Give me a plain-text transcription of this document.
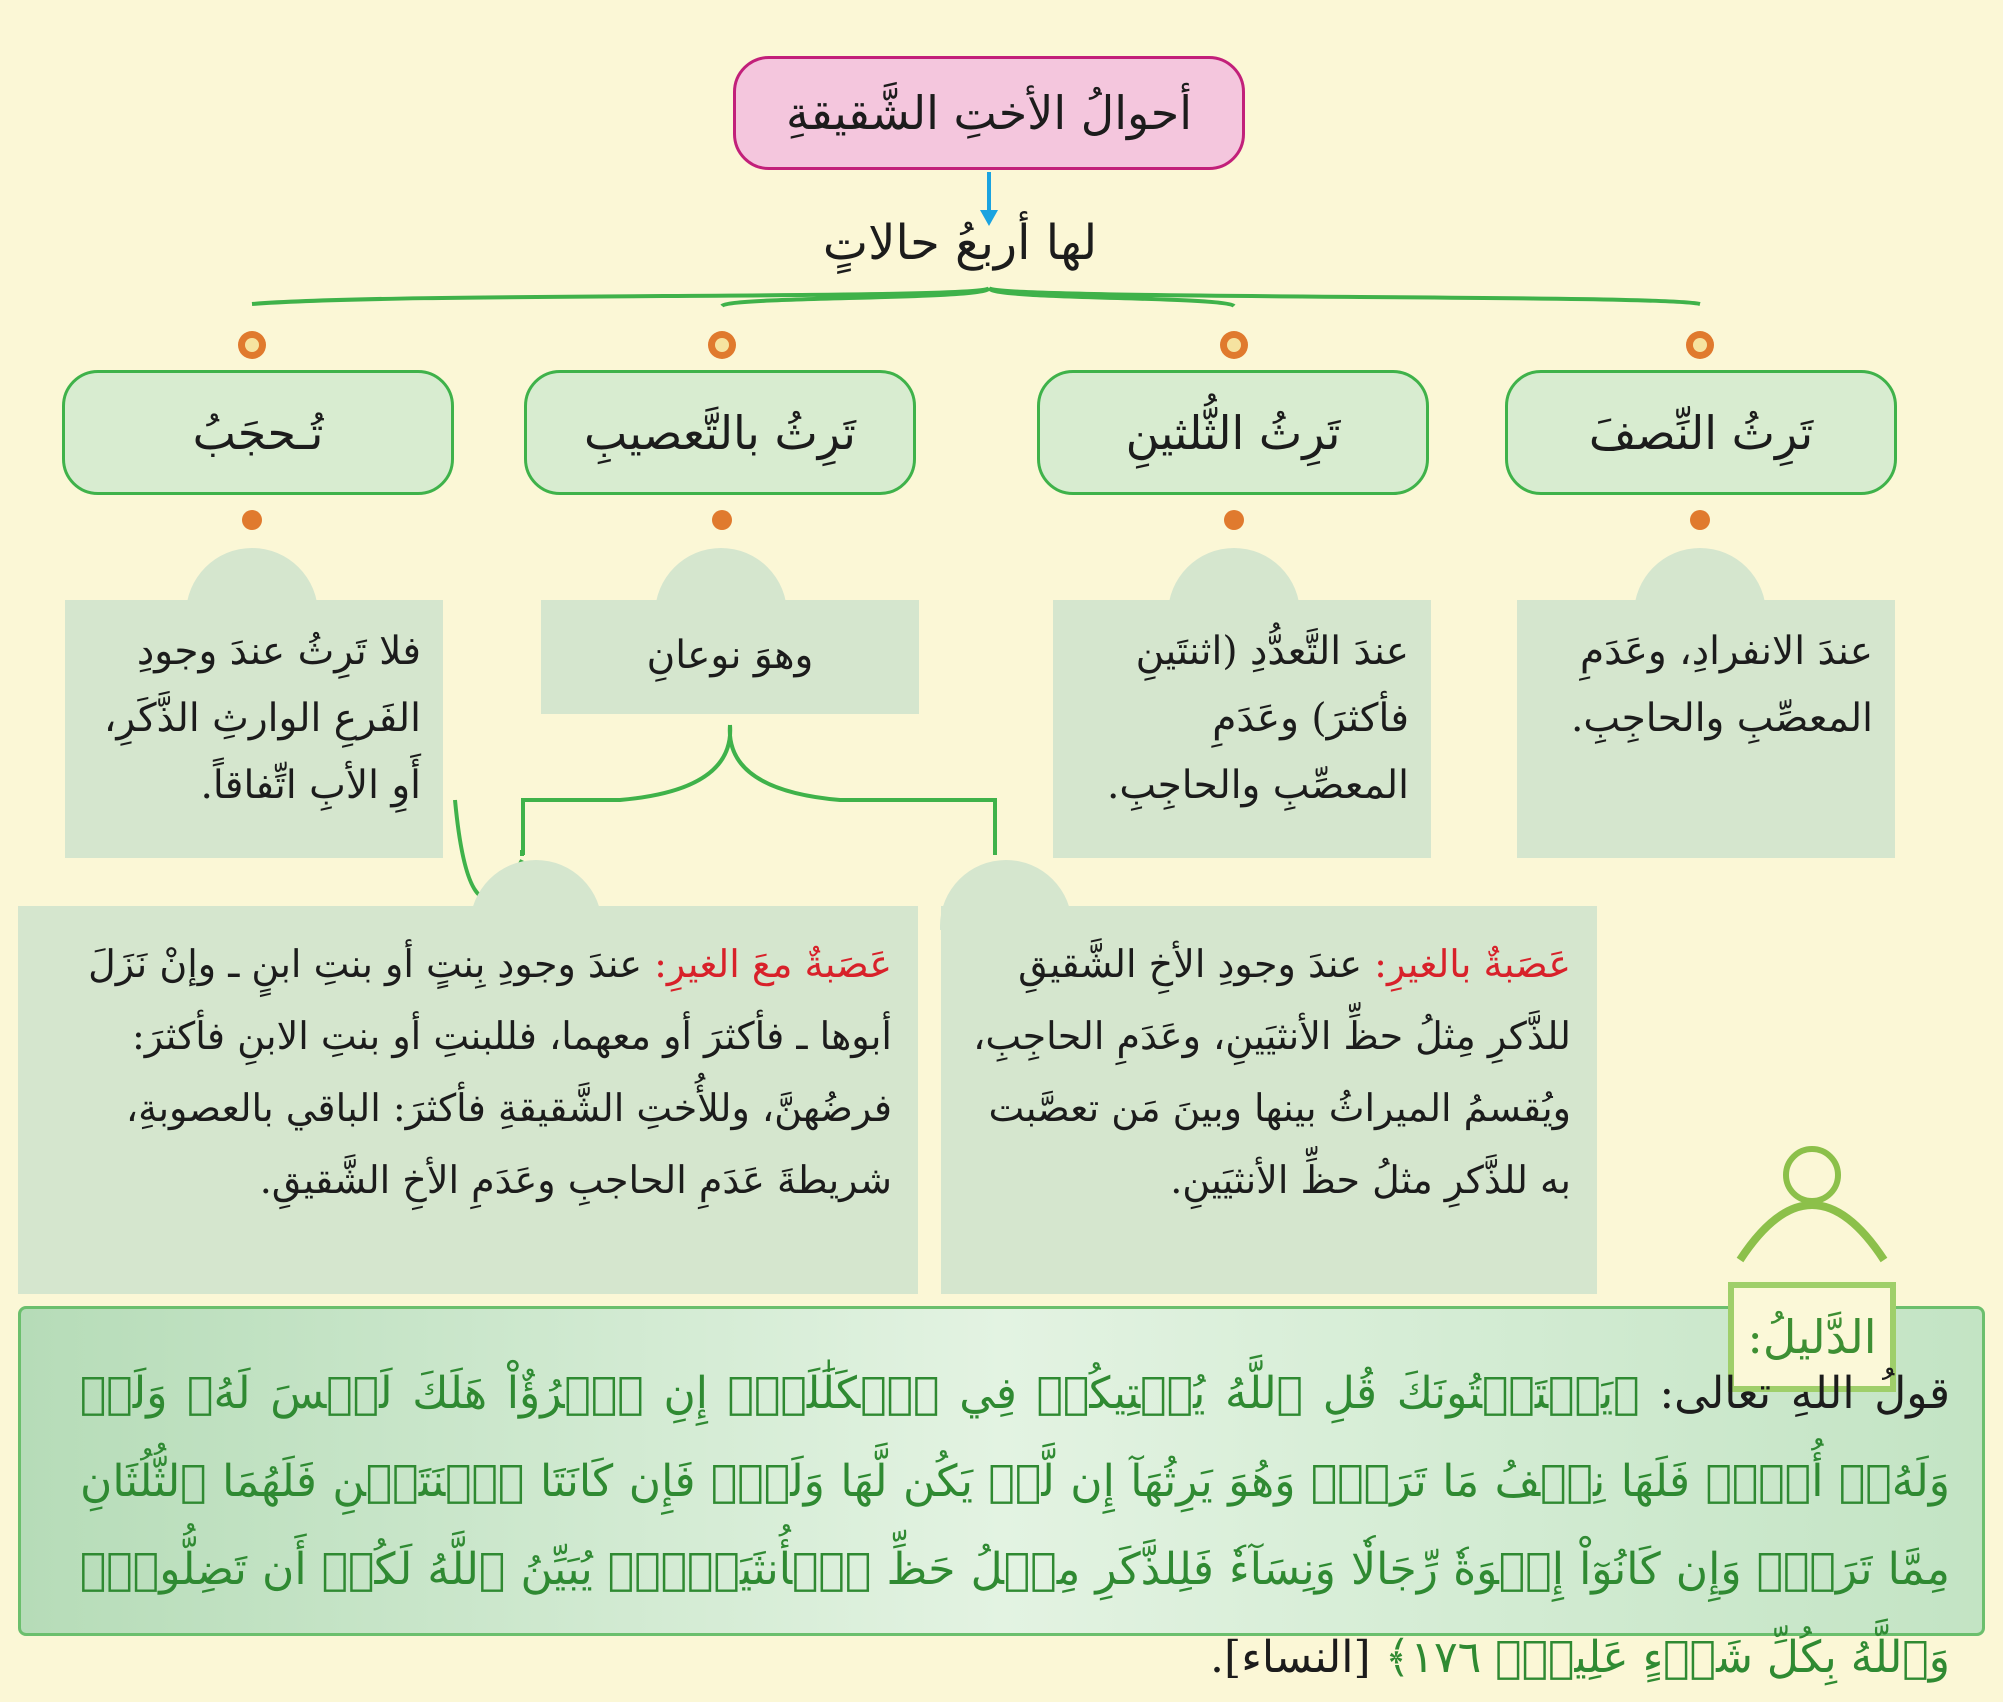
أحوالُ الأختِ الشَّقيقةِ
لها أربعُ حالاتٍ
تَرِثُ النِّصفَ
تَرِثُ الثُّلثينِ
تَرِثُ بالتَّعصيبِ
تُـحجَبُ
عندَ الانفرادِ، وعَدَمِ المعصِّبِ والحاجِبِ.
عندَ التَّعدُّدِ (اثنتَينِ فأكثرَ) وعَدَمِ المعصِّبِ والحاجِبِ.
وهوَ نوعانِ
فلا تَرِثُ عندَ وجودِ الفَرعِ الوارثِ الذَّكَرِ، أَوِ الأبِ اتِّفاقاً.
عَصَبةٌ بالغيرِ: عندَ وجودِ الأخِ الشَّقيقِ للذَّكرِ مِثلُ حظِّ الأنثيَينِ، وعَدَمِ الحاجِبِ، ويُقسمُ الميراثُ بينها وبينَ مَن تعصَّبت به للذَّكرِ مثلُ حظِّ الأنثيَينِ.
عَصَبةٌ معَ الغيرِ: عندَ وجودِ بِنتٍ أو بنتِ ابنٍ ـ وإنْ نَزَلَ أبوها ـ فأكثرَ أو معهما، فللبنتِ أو بنتِ الابنِ فأكثرَ: فرضُهنَّ، وللأُختِ الشَّقيقةِ فأكثرَ: الباقي بالعصوبةِ، شريطةَ عَدَمِ الحاجبِ وعَدَمِ الأخِ الشَّقيقِ.
الدَّليلُ:
قولُ اللهِ تعالى: ﴿يَسۡتَفۡتُونَكَ قُلِ ٱللَّهُ يُفۡتِيكُمۡ فِي ٱلۡكَلَٰلَةِۚ إِنِ ٱمۡرُؤٌاْ هَلَكَ لَيۡسَ لَهُۥ وَلَدٞ وَلَهُۥٓ أُخۡتٞ فَلَهَا نِصۡفُ مَا تَرَكَۚ وَهُوَ يَرِثُهَآ إِن لَّمۡ يَكُن لَّهَا وَلَدٞۚ فَإِن كَانَتَا ٱثۡنَتَيۡنِ فَلَهُمَا ٱلثُّلُثَانِ مِمَّا تَرَكَۚ وَإِن كَانُوٓاْ إِخۡوَةٗ رِّجَالٗا وَنِسَآءٗ فَلِلذَّكَرِ مِثۡلُ حَظِّ ٱلۡأُنثَيَيۡنِۗ يُبَيِّنُ ٱللَّهُ لَكُمۡ أَن تَضِلُّواْۗ وَٱللَّهُ بِكُلِّ شَيۡءٍ عَلِيمُۢ ١٧٦﴾ [النساء].
